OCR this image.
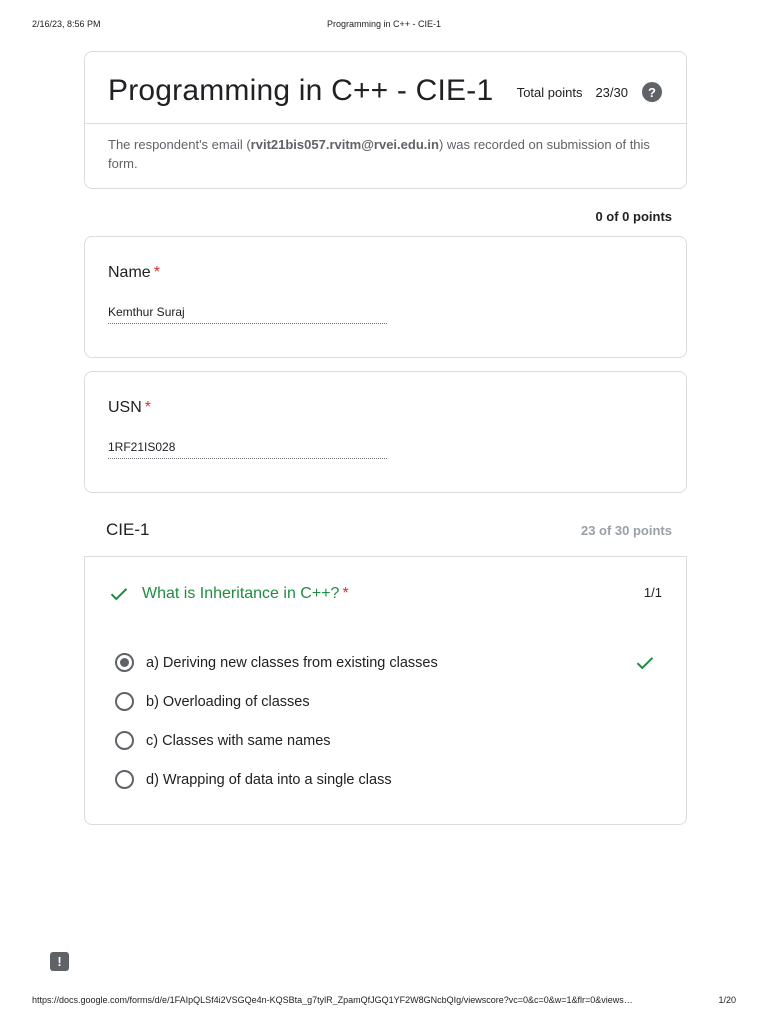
2/16/23, 8:56 PM	Programming in C++ - CIE-1
Programming in C++ - CIE-1 Total points 23/30	?
The respondent's email (rvit21bis057.rvitm@rvei.edu.in) was recorded on submission of this form.
0 of 0 points
Name *
Kemthur Suraj
USN *
1RF21IS028
CIE-1	23 of 30 points
What is Inheritance in C++? *	1/1
a) Deriving new classes from existing classes
b) Overloading of classes
c) Classes with same names
d) Wrapping of data into a single class
!
https://docs.google.com/forms/d/e/1FAIpQLSf4i2VSGQe4n-KQSBta_g7tylR_ZpamQfJGQ1YF2W8GNcbQIg/viewscore?vc=0&c=0&w=1&flr=0&views…	1/20
